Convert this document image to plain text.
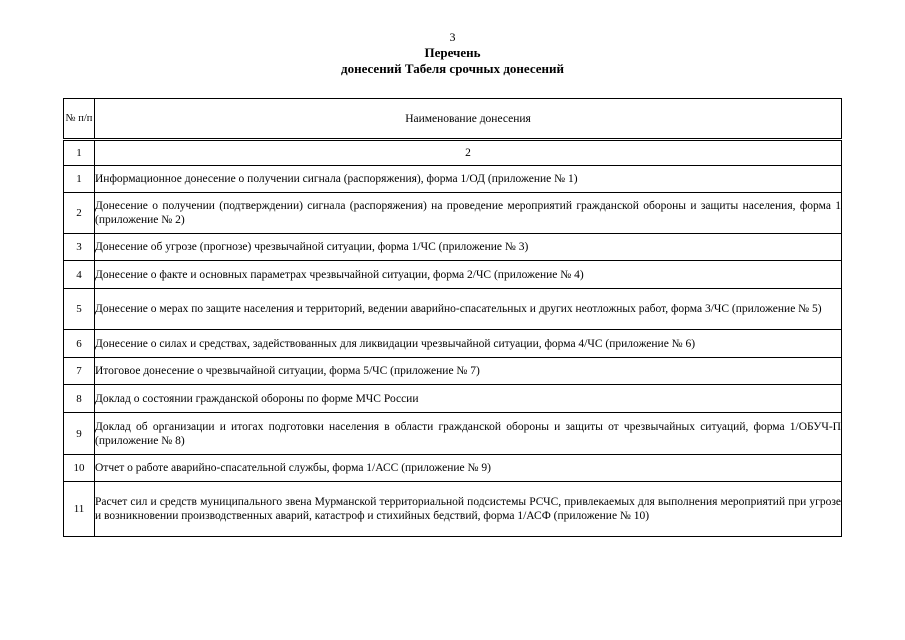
3
Перечень
донесений Табеля срочных донесений
№ п/п	Наименование донесения
1	2
1	Информационное донесение о получении сигнала (распоряжения), форма 1/ОД (приложение № 1)
2	Донесение о получении (подтверждении) сигнала (распоряжения) на проведение мероприятий гражданской обороны и защиты населения, форма 1 (приложение № 2)
3	Донесение об угрозе (прогнозе) чрезвычайной ситуации, форма 1/ЧС (приложение № 3)
4	Донесение о факте и основных параметрах чрезвычайной ситуации, форма 2/ЧС (приложение № 4)
5	Донесение о мерах по защите населения и территорий, ведении аварийно-спасательных и других неотложных работ, форма 3/ЧС (приложение № 5)
6	Донесение о силах и средствах, задействованных для ликвидации чрезвычайной ситуации, форма 4/ЧС (приложение № 6)
7	Итоговое донесение о чрезвычайной ситуации, форма 5/ЧС (приложение № 7)
8	Доклад о состоянии гражданской обороны по форме МЧС России
9	Доклад об организации и итогах подготовки населения в области гражданской обороны и защиты от чрезвычайных ситуаций, форма 1/ОБУЧ-П (приложение № 8)
10	Отчет о работе аварийно-спасательной службы, форма 1/АСС (приложение № 9)
11	Расчет сил и средств муниципального звена Мурманской территориальной подсистемы РСЧС, привлекаемых для выполнения мероприятий при угрозе и возникновении производственных аварий, катастроф и стихийных бедствий, форма 1/АСФ (приложение № 10)
